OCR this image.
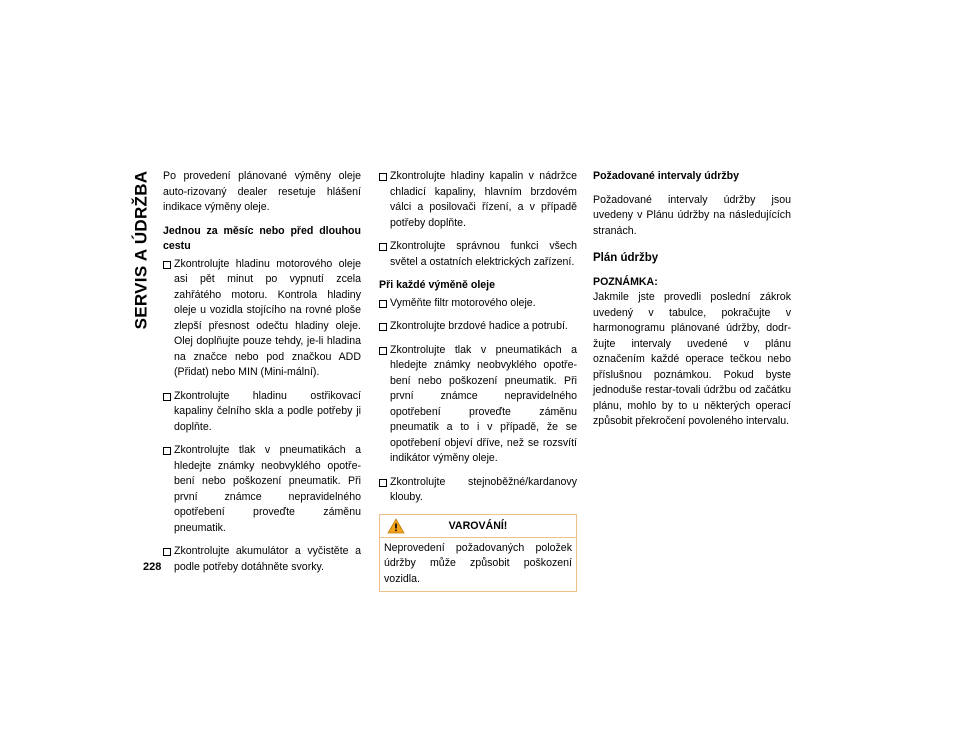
SERVIS A ÚDRŽBA Po provedení plánované výměny oleje auto-rizovaný dealer resetuje hlášení indikace výměny oleje.

Jednou za měsíc nebo před dlouhou cestu

Zkontrolujte hladinu motorového oleje asi pět minut po vypnutí zcela zahřátého motoru. Kontrola hladiny oleje u vozidla stojícího na rovné ploše zlepší přesnost odečtu hladiny oleje. Olej doplňujte pouze tehdy, je-li hladina na značce nebo pod značkou ADD (Přidat) nebo MIN (Mini-mální).
Zkontrolujte hladinu ostřikovací kapaliny čelního skla a podle potřeby ji doplňte.
Zkontrolujte tlak v pneumatikách a hledejte známky neobvyklého opotře-bení nebo poškození pneumatik. Při první známce nepravidelného opotřebení proveďte záměnu pneumatik.
Zkontrolujte akumulátor a vyčistěte a podle potřeby dotáhněte svorky.
Zkontrolujte hladiny kapalin v nádržce chladicí kapaliny, hlavním brzdovém válci a posilovači řízení, a v případě potřeby doplňte.
Zkontrolujte správnou funkci všech světel a ostatních elektrických zařízení.

Při každé výměně oleje

Vyměňte filtr motorového oleje.
Zkontrolujte brzdové hadice a potrubí.
Zkontrolujte tlak v pneumatikách a hledejte známky neobvyklého opotře-bení nebo poškození pneumatik. Při první známce nepravidelného opotřebení proveďte záměnu pneumatik a to i v případě, že se opotřebení objeví dříve, než se rozsvítí indikátor výměny oleje.
Zkontrolujte stejnoběžné/kardanovy klouby.
VAROVÁNÍ!
Neprovedení požadovaných položek údržby může způsobit poškození vozidla.

Požadované intervaly údržby

Požadované intervaly údržby jsou uvedeny v Plánu údržby na následujících stranách.

Plán údržby

POZNÁMKA:

Jakmile jste provedli poslední zákrok uvedený v tabulce, pokračujte v harmonogramu plánované údržby, dodr-žujte intervaly uvedené v plánu označením každé operace tečkou nebo příslušnou poznámkou. Pokud byste jednoduše restar-tovali údržbu od začátku plánu, mohlo by to u některých operací způsobit překročení povoleného intervalu.

228
